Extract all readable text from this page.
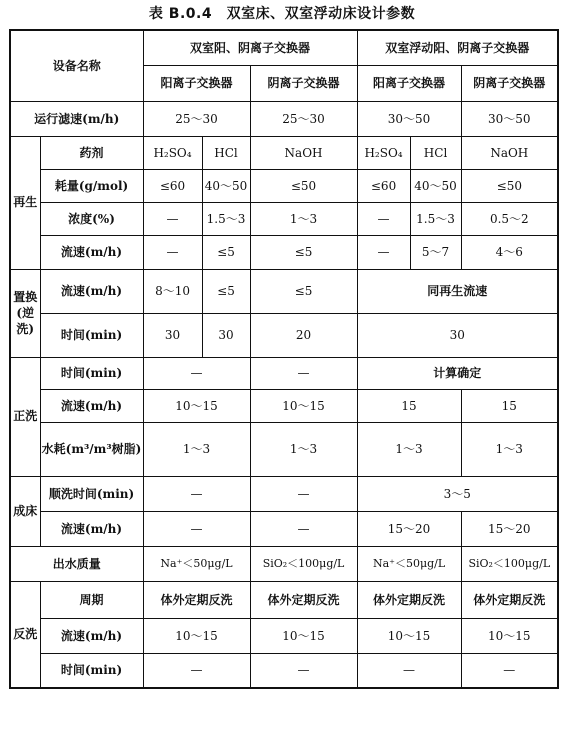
表 B.0.4　双室床、双室浮动床设计参数
设备名称		双室阳、阴离子交换器			双室浮动阳、阴离子交换器		
		阳离子交换器		阴离子交换器	阳离子交换器		阴离子交换器
运行滤速(m/h)		25～30		25～30	30～50		30～50
再生	药剂	H₂SO₄	HCl	NaOH	H₂SO₄	HCl	NaOH
	耗量(g/mol)	≤60	40～50	≤50	≤60	40～50	≤50
	浓度(%)	—	1.5～3	1～3	—	1.5～3	0.5～2
	流速(m/h)	—	≤5	≤5	—	5～7	4～6
置换(逆洗)	流速(m/h)	8～10	≤5	≤5	同再生流速		
	时间(min)	30	30	20	30		
正洗	时间(min)	—		—	计算确定		
	流速(m/h)	10～15		10～15	15		15
	水耗(m³/m³树脂)	1～3		1～3	1～3		1～3
成床	顺洗时间(min)	—		—	3～5		
	流速(m/h)	—		—	15～20		15～20
出水质量		Na⁺＜50μg/L		SiO₂＜100μg/L	Na⁺＜50μg/L		SiO₂＜100μg/L
反洗	周期	体外定期反洗		体外定期反洗	体外定期反洗		体外定期反洗
	流速(m/h)	10～15		10～15	10～15		10～15
	时间(min)	—		—	—		—
